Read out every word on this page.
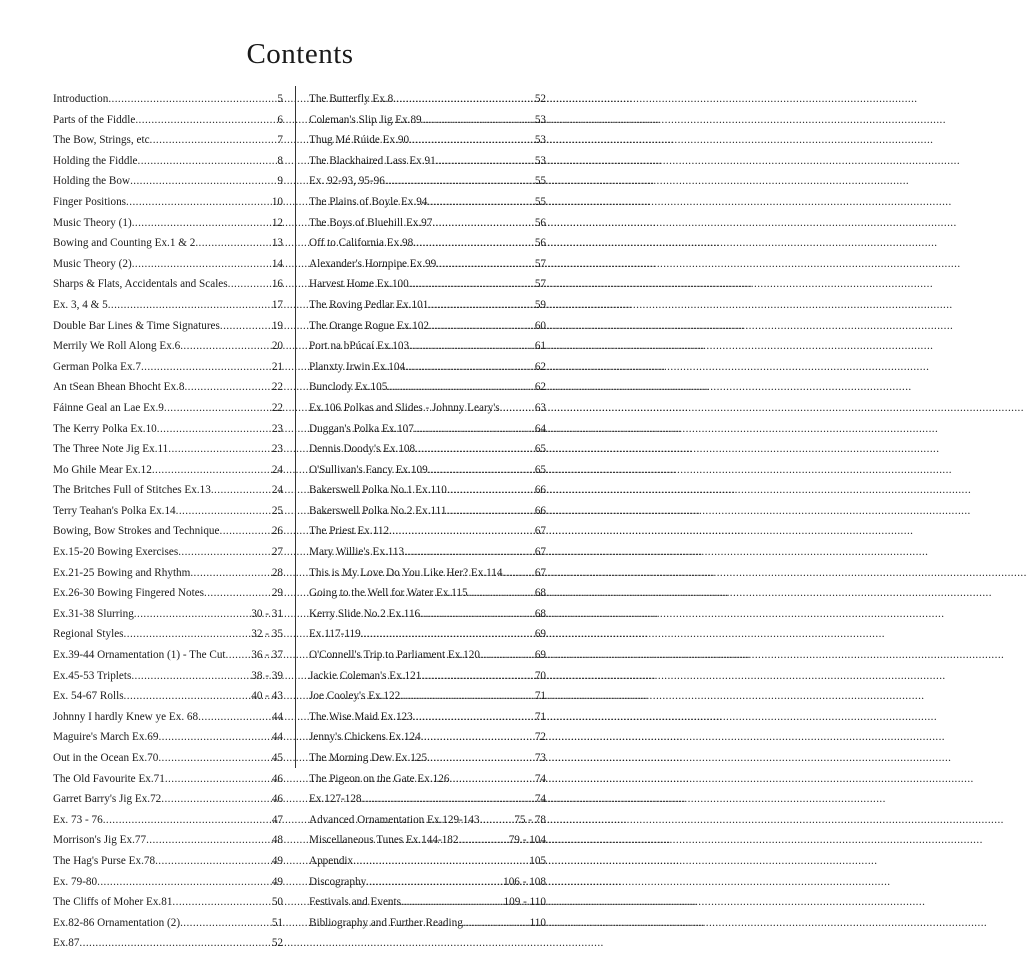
Contents
Introduction .....	5
Parts of the Fiddle .....	6
The Bow, Strings, etc .....	7
Holding the Fiddle .....	8
Holding the Bow .....	9
Finger Positions .....	10
Music Theory (1) .....	12
Bowing and Counting Ex.1 & 2 .....	13
Music Theory (2) .....	14
Sharps & Flats, Accidentals and Scales .....	16
Ex. 3, 4 & 5 .....	17
Double Bar Lines & Time Signatures .....	19
Merrily We Roll Along Ex.6 .....	20
German Polka Ex.7 .....	21
An tSean Bhean Bhocht Ex.8 .....	22
Fáinne Geal an Lae Ex.9 .....	22
The Kerry Polka Ex.10 .....	23
The Three Note Jig Ex.11 .....	23
Mo Ghile Mear Ex.12 .....	24
The Britches Full of Stitches Ex.13 .....	24
Terry Teahan's Polka Ex.14 .....	25
Bowing, Bow Strokes and Technique .....	26
Ex.15-20 Bowing Exercises .....	27
Ex.21-25 Bowing and Rhythm .....	28
Ex.26-30 Bowing Fingered Notes .....	29
Ex.31-38 Slurring .....	30 - 31
Regional Styles .....	32 - 35
Ex.39-44 Ornamentation (1) - The Cut ..... 36 - 37
Ex.45-53 Triplets .....	38 - 39
Ex. 54-67 Rolls .....	40 - 43
Johnny I hardly Knew ye Ex. 68 .....	44
Maguire's March Ex.69 .....	44
Out in the Ocean Ex.70 .....	45
The Old Favourite Ex.71 .....	46
Garret Barry's Jig Ex.72 .....	46
Ex. 73 - 76 .....	47
Morrison's Jig Ex.77 .....	48
The Hag's Purse Ex.78 .....	49
Ex. 79-80 .....	49
The Cliffs of Moher Ex.81 .....	50
Ex.82-86 Ornamentation (2) .....	51
Ex.87 .....	52
The Butterfly Ex.8 .....	52
Coleman's Slip Jig Ex.89 .....	53
Thug Mé Rúide Ex.90 .....	53
The Blackhaired Lass Ex.91 .....	53
Ex. 92-93, 95-96 .....	55
The Plains of Boyle Ex.94 .....	55
The Boys of Bluehill Ex.97 .....	56
Off to California Ex.98 .....	56
Alexander's Hornpipe Ex.99 .....	57
Harvest Home Ex.100 .....	57
The Roving Pedlar Ex.101 .....	59
The Orange Rogue Ex.102 .....	60
Port na bPúcaí Ex.103 .....	61
Planxty Irwin Ex.104 .....	62
Bunclody Ex.105 .....	62
Ex.106 Polkas and Slides - Johnny Leary's .....	63
Duggan's Polka Ex.107 .....	64
Dennis Doody's Ex.108 .....	65
O'Sullivan's Fancy Ex.109 .....	65
Bakerswell Polka No.1 Ex.110 .....	66
Bakerswell Polka No.2 Ex.111 .....	66
The Priest Ex.112 .....	67
Mary Willie's Ex.113 .....	67
This is My Love Do You Like Her? Ex.114 .....	67
Going to the Well for Water Ex.115 .....	68
Kerry Slide No.2 Ex.116 .....	68
Ex.117-119 .....	69
O'Connell's Trip to Parliament Ex.120 .....	69
Jackie Coleman's Ex.121 .....	70
Joe Cooley's Ex.122 .....	71
The Wise Maid Ex.123 .....	71
Jenny's Chickens Ex.124 .....	72
The Morning Dew Ex.125 .....	73
The Pigeon on the Gate Ex.126 .....	74
Ex.127-128 .....	74
Advanced Ornamentation Ex.129-143 .....	75 - 78
Miscellaneous Tunes Ex.144-182 .....	79 - 104
Appendix .....	105
Discography .....	106 - 108
Festivals and Events .....	109 - 110
Bibliography and Further Reading .....	110
